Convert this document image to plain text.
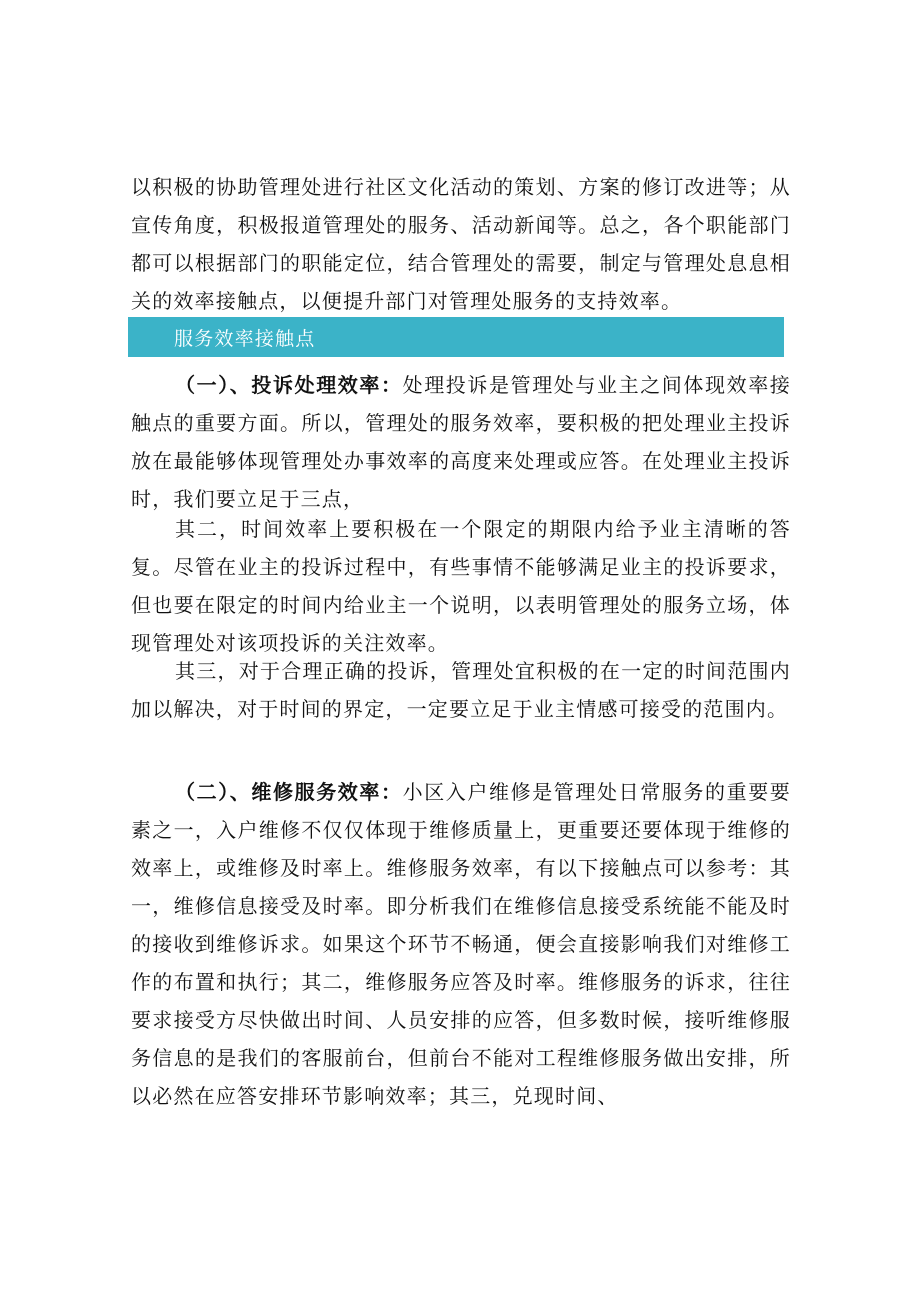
以积极的协助管理处进行社区文化活动的策划、方案的修订改进等；从宣传角度，积极报道管理处的服务、活动新闻等。总之，各个职能部门都可以根据部门的职能定位，结合管理处的需要，制定与管理处息息相关的效率接触点，以便提升部门对管理处服务的支持效率。

服务效率接触点

（一）、投诉处理效率：处理投诉是管理处与业主之间体现效率接触点的重要方面。所以，管理处的服务效率，要积极的把处理业主投诉放在最能够体现管理处办事效率的高度来处理或应答。在处理业主投诉时，我们要立足于三点，

其二，时间效率上要积极在一个限定的期限内给予业主清晰的答复。尽管在业主的投诉过程中，有些事情不能够满足业主的投诉要求，但也要在限定的时间内给业主一个说明，以表明管理处的服务立场，体现管理处对该项投诉的关注效率。

其三，对于合理正确的投诉，管理处宜积极的在一定的时间范围内加以解决，对于时间的界定，一定要立足于业主情感可接受的范围内。

（二）、维修服务效率：小区入户维修是管理处日常服务的重要要素之一，入户维修不仅仅体现于维修质量上，更重要还要体现于维修的效率上，或维修及时率上。维修服务效率，有以下接触点可以参考：其一，维修信息接受及时率。即分析我们在维修信息接受系统能不能及时的接收到维修诉求。如果这个环节不畅通，便会直接影响我们对维修工作的布置和执行；其二，维修服务应答及时率。维修服务的诉求，往往要求接受方尽快做出时间、人员安排的应答，但多数时候，接听维修服务信息的是我们的客服前台，但前台不能对工程维修服务做出安排，所以必然在应答安排环节影响效率；其三，兑现时间、
